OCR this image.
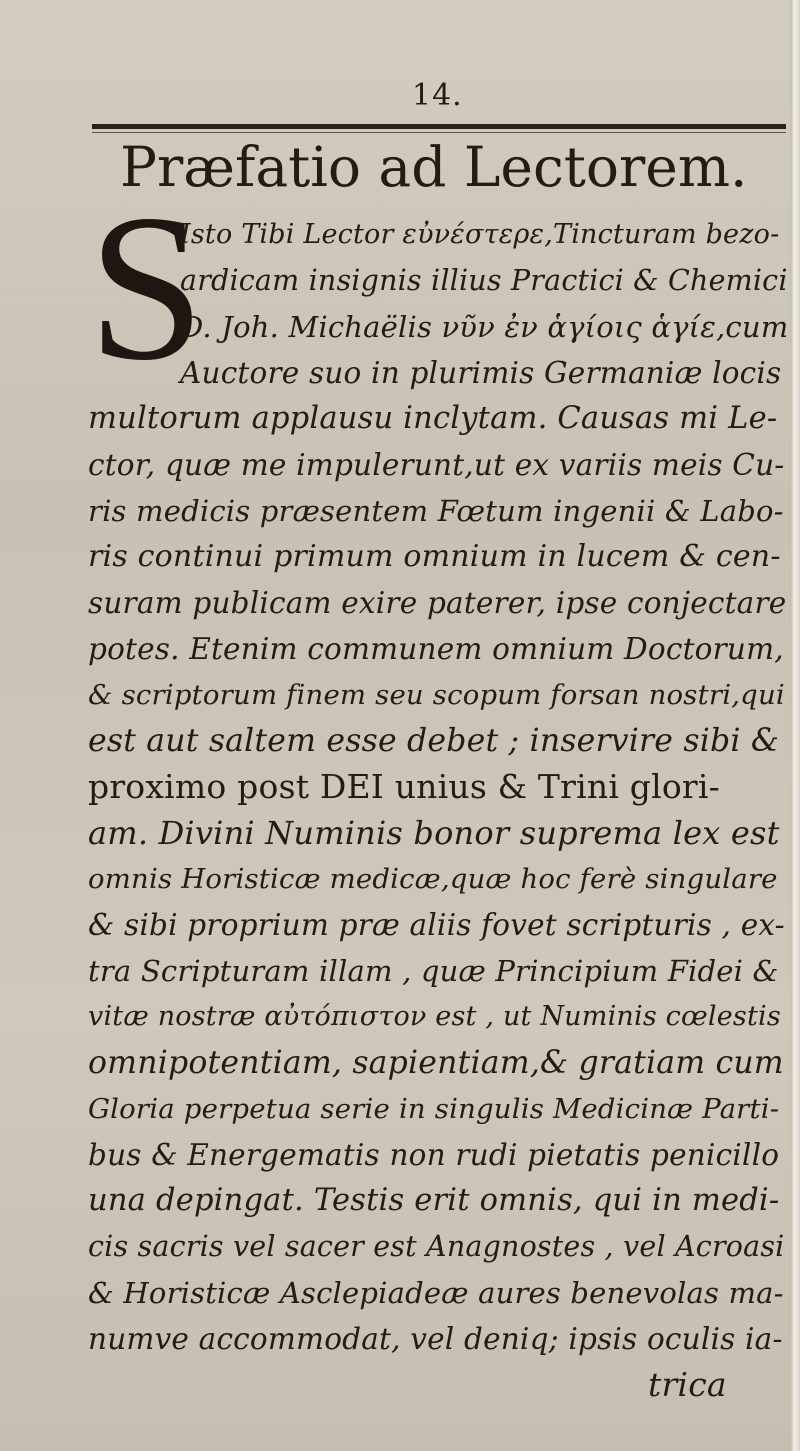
14.
Præfatio ad Lectorem.
S
Isto Tibi Lector εὐνέστερε,Tincturam bezo-
ardicam insignis illius Practici & Chemici
D. Joh. Michaëlis νῦν ἐν ἁγίοις ἁγίε,cum
Auctore suo in plurimis Germaniæ locis
multorum applausu inclytam. Causas mi Le-
ctor, quæ me impulerunt,ut ex variis meis Cu-
ris medicis præsentem Fœtum ingenii & Labo-
ris continui primum omnium in lucem & cen-
suram publicam exire paterer, ipse conjectare
potes. Etenim communem omnium Doctorum,
& scriptorum finem seu scopum forsan nostri,qui
est aut saltem esse debet ; inservire sibi &
proximo post DEI unius & Trini glori-
am. Divini Numinis bonor suprema lex est
omnis Horisticæ medicæ,quæ hoc ferè singulare
& sibi proprium præ aliis fovet scripturis , ex-
tra Scripturam illam , quæ Principium Fidei &
vitæ nostræ αὐτόπιστον est , ut Numinis cœlestis
omnipotentiam, sapientiam,& gratiam cum
Gloria perpetua serie in singulis Medicinæ Parti-
bus & Energematis non rudi pietatis penicillo
una depingat. Testis erit omnis, qui in medi-
cis sacris vel sacer est Anagnostes , vel Acroasi
& Horisticæ Asclepiadeæ aures benevolas ma-
numve accommodat, vel deniq; ipsis oculis ia-
trica
